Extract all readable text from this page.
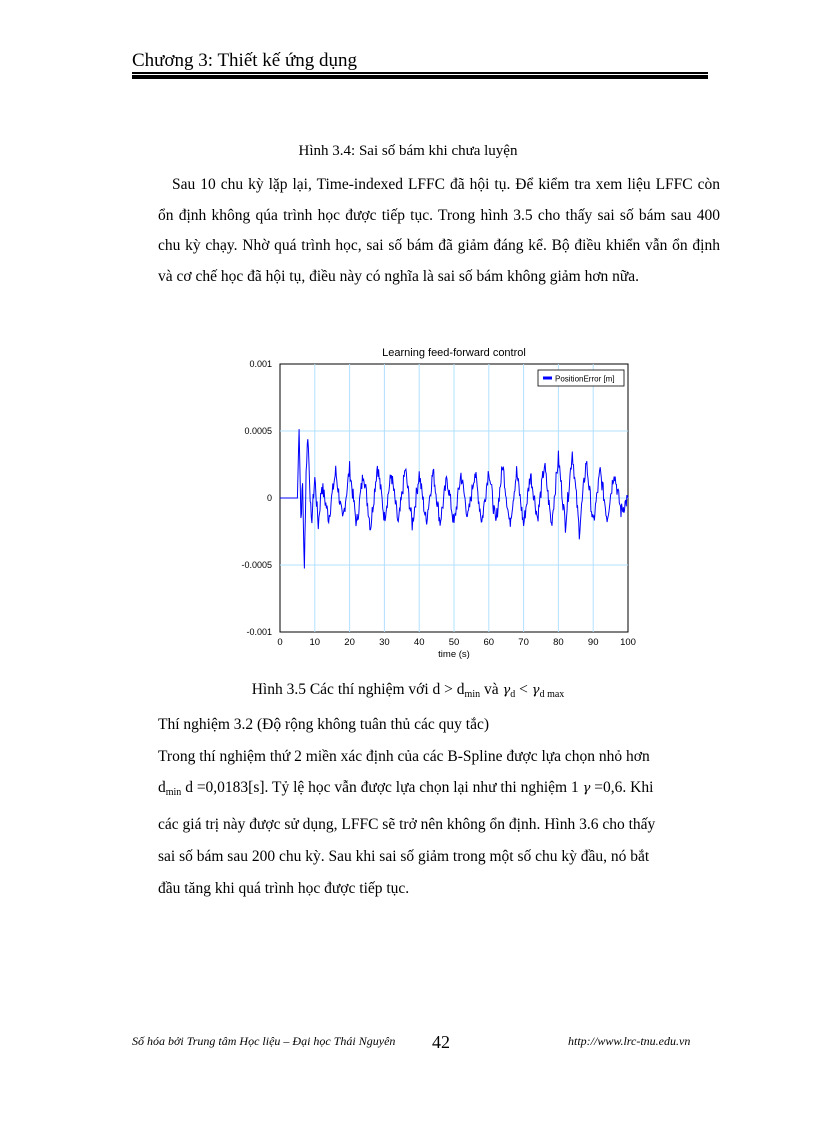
Chương 3: Thiết kế ứng dụng
Hình 3.4: Sai số bám khi chưa luyện
Sau 10 chu kỳ lặp lại, Time-indexed LFFC đã hội tụ. Để kiểm tra xem liệu LFFC còn ổn định không qúa trình học được tiếp tục. Trong hình 3.5 cho thấy sai số bám sau 400 chu kỳ chạy. Nhờ quá trình học, sai số bám đã giảm đáng kể. Bộ điều khiển vẫn ổn định và cơ chế học đã hội tụ, điều này có nghĩa là sai số bám không giảm hơn nữa.
Learning feed-forward control
0	10	20	30	40	50	60	70	80	90 100
0.001
0.0005
0
-0.0005
-0.001
PositionError [m]
time (s)
Hình 3.5 Các thí nghiệm với $d > d_{min}$ và $\gamma_d < \gamma_{d max}$
Thí nghiệm 3.2 (Độ rộng không tuân thủ các quy tắc)
Trong thí nghiệm thứ 2 miền xác định của các B-Spline được lựa chọn nhỏ hơn
$d_{min}$ d =0,0183[s]. Tỷ lệ học vẫn được lựa chọn lại như thi nghiệm 1 γ =0,6. Khi
các giá trị này được sử dụng, LFFC sẽ trở nên không ổn định. Hình 3.6 cho thấy
sai số bám sau 200 chu kỳ. Sau khi sai số giảm trong một số chu kỳ đầu, nó bắt
đầu tăng khi quá trình học được tiếp tục.
Số hóa bởi Trung tâm Học liệu – Đại học Thái Nguyên 42	http://www.lrc-tnu.edu.vn
